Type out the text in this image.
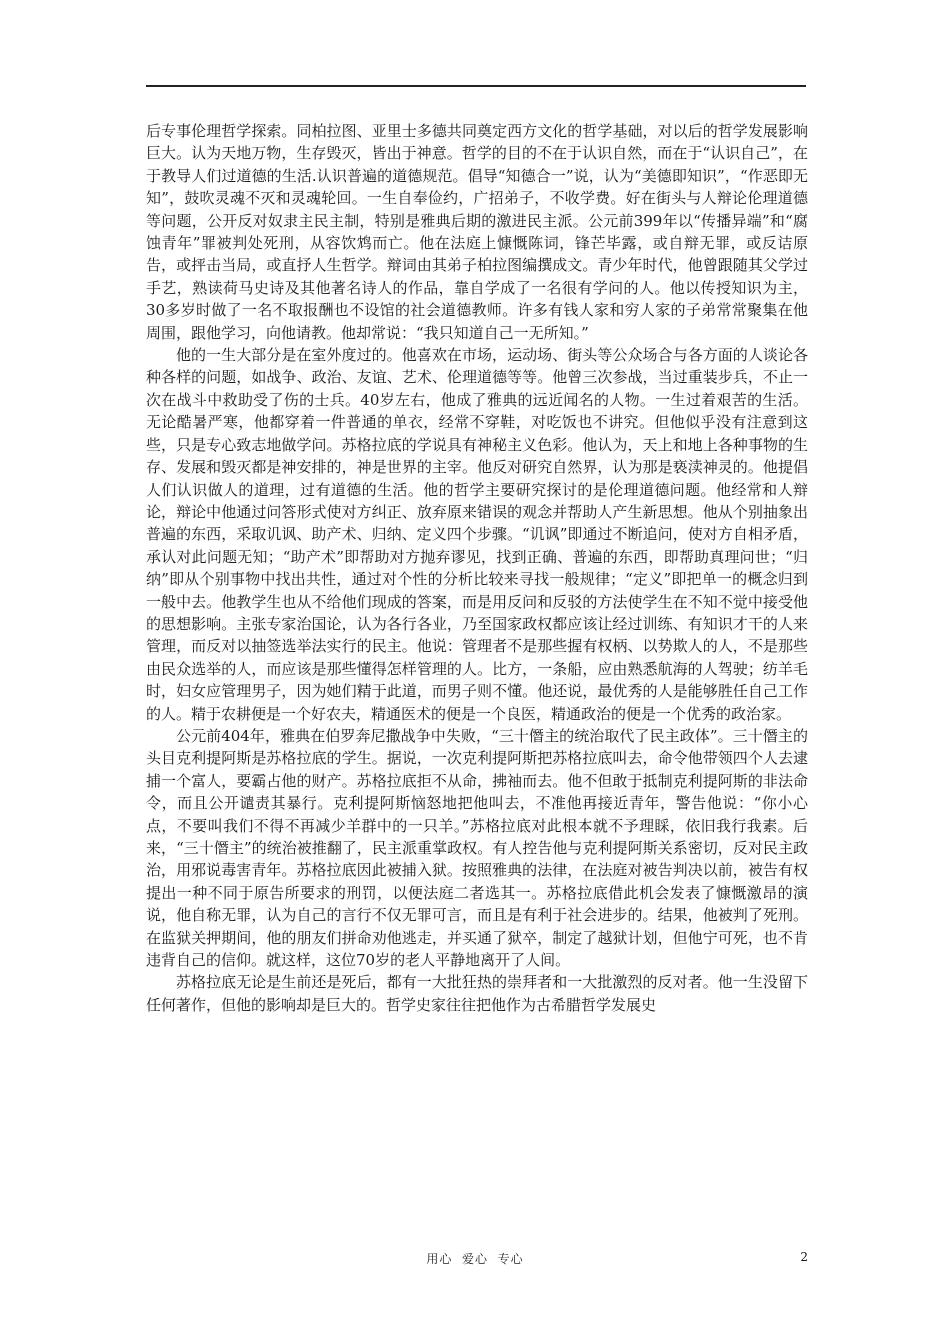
后专事伦理哲学探索。同柏拉图、亚里士多德共同奠定西方文化的哲学基础，对以后的哲学发展影响巨大。认为天地万物，生存毁灭，皆出于神意。哲学的目的不在于认识自然，而在于“认识自己”，在于教导人们过道德的生活.认识普遍的道德规范。倡导“知德合一”说，认为“美德即知识”，“作恶即无知”，鼓吹灵魂不灭和灵魂轮回。一生自奉俭约，广招弟子，不收学费。好在街头与人辩论伦理道德等问题，公开反对奴隶主民主制，特别是雅典后期的激进民主派。公元前399年以“传播异端”和“腐蚀青年”罪被判处死刑，从容饮鸩而亡。他在法庭上慷慨陈词，锋芒毕露，或自辩无罪，或反诘原告，或抨击当局，或直抒人生哲学。辩词由其弟子柏拉图编撰成文。青少年时代，他曾跟随其父学过手艺，熟读荷马史诗及其他著名诗人的作品，靠自学成了一名很有学问的人。他以传授知识为主，30多岁时做了一名不取报酬也不设馆的社会道德教师。许多有钱人家和穷人家的子弟常常聚集在他周围，跟他学习，向他请教。他却常说：“我只知道自己一无所知。”

他的一生大部分是在室外度过的。他喜欢在市场，运动场、街头等公众场合与各方面的人谈论各种各样的问题，如战争、政治、友谊、艺术、伦理道德等等。他曾三次参战，当过重装步兵，不止一次在战斗中救助受了伤的士兵。40岁左右，他成了雅典的远近闻名的人物。一生过着艰苦的生活。无论酷暑严寒，他都穿着一件普通的单衣，经常不穿鞋，对吃饭也不讲究。但他似乎没有注意到这些，只是专心致志地做学问。苏格拉底的学说具有神秘主义色彩。他认为，天上和地上各种事物的生存、发展和毁灭都是神安排的，神是世界的主宰。他反对研究自然界，认为那是亵渎神灵的。他提倡人们认识做人的道理，过有道德的生活。他的哲学主要研究探讨的是伦理道德问题。他经常和人辩论，辩论中他通过问答形式使对方纠正、放弃原来错误的观念并帮助人产生新思想。他从个别抽象出普遍的东西，采取讥讽、助产术、归纳、定义四个步骤。“讥讽”即通过不断追问，使对方自相矛盾，承认对此问题无知；“助产术”即帮助对方抛弃谬见，找到正确、普遍的东西，即帮助真理问世；“归纳”即从个别事物中找出共性，通过对个性的分析比较来寻找一般规律；“定义”即把单一的概念归到一般中去。他教学生也从不给他们现成的答案，而是用反问和反驳的方法使学生在不知不觉中接受他的思想影响。主张专家治国论，认为各行各业，乃至国家政权都应该让经过训练、有知识才干的人来管理，而反对以抽签选举法实行的民主。他说：管理者不是那些握有权柄、以势欺人的人，不是那些由民众选举的人，而应该是那些懂得怎样管理的人。比方，一条船，应由熟悉航海的人驾驶；纺羊毛时，妇女应管理男子，因为她们精于此道，而男子则不懂。他还说，最优秀的人是能够胜任自己工作的人。精于农耕便是一个好农夫，精通医术的便是一个良医，精通政治的便是一个优秀的政治家。

公元前404年，雅典在伯罗奔尼撒战争中失败，“三十僭主的统治取代了民主政体”。三十僭主的头目克利提阿斯是苏格拉底的学生。据说，一次克利提阿斯把苏格拉底叫去，命令他带领四个人去逮捕一个富人，要霸占他的财产。苏格拉底拒不从命，拂袖而去。他不但敢于抵制克利提阿斯的非法命令，而且公开谴责其暴行。克利提阿斯恼怒地把他叫去，不准他再接近青年，警告他说：“你小心点，不要叫我们不得不再减少羊群中的一只羊。”苏格拉底对此根本就不予理睬，依旧我行我素。后来，“三十僭主”的统治被推翻了，民主派重掌政权。有人控告他与克利提阿斯关系密切，反对民主政治，用邪说毒害青年。苏格拉底因此被捕入狱。按照雅典的法律，在法庭对被告判决以前，被告有权提出一种不同于原告所要求的刑罚，以便法庭二者选其一。苏格拉底借此机会发表了慷慨激昂的演说，他自称无罪，认为自己的言行不仅无罪可言，而且是有利于社会进步的。结果，他被判了死刑。在监狱关押期间，他的朋友们拼命劝他逃走，并买通了狱卒，制定了越狱计划，但他宁可死，也不肯违背自己的信仰。就这样，这位70岁的老人平静地离开了人间。

苏格拉底无论是生前还是死后，都有一大批狂热的崇拜者和一大批激烈的反对者。他一生没留下任何著作，但他的影响却是巨大的。哲学史家往往把他作为古希腊哲学发展史

用心  爱心  专心	2
